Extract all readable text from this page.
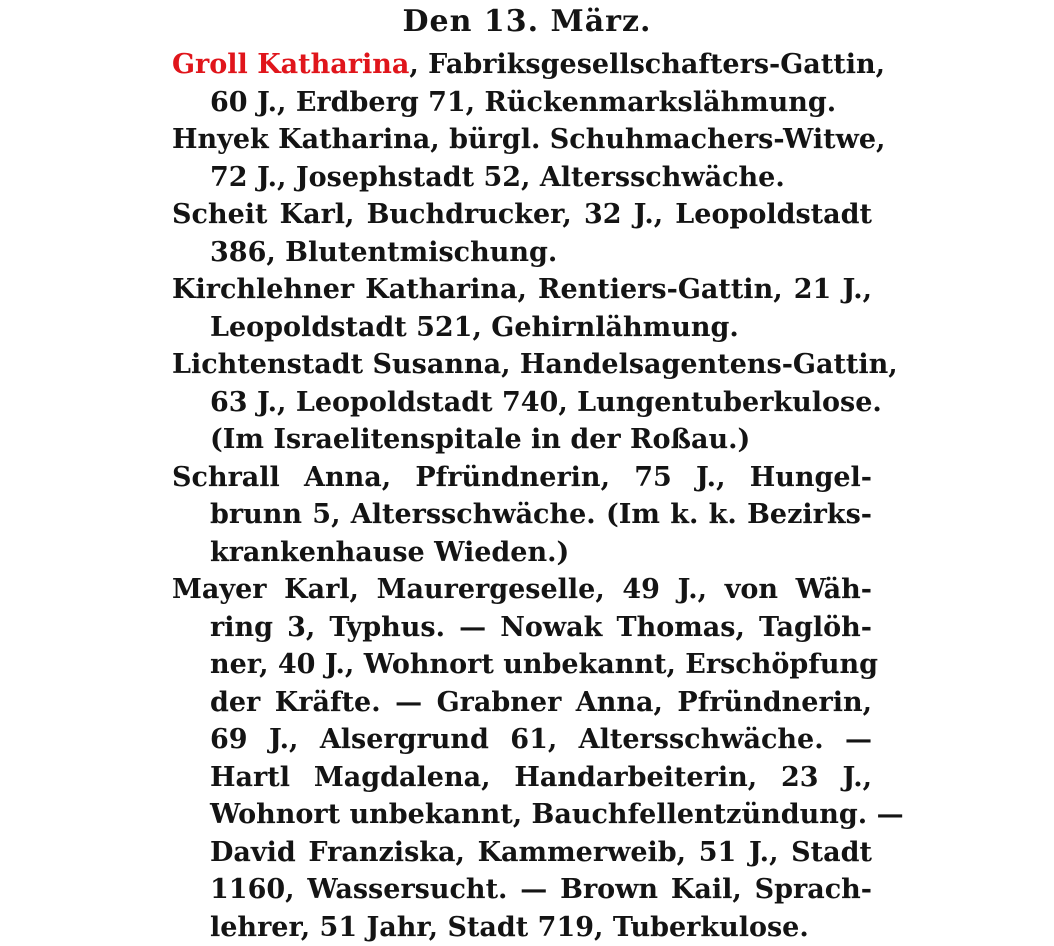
Den 13. März.
Groll Katharina, Fabriksgesellschafters-Gattin,
60 J., Erdberg 71, Rückenmarkslähmung.
Hnyek Katharina, bürgl. Schuhmachers-Witwe,
72 J., Josephstadt 52, Altersschwäche.
Scheit Karl, Buchdrucker, 32 J., Leopoldstadt
386, Blutentmischung.
Kirchlehner Katharina, Rentiers-Gattin, 21 J.,
Leopoldstadt 521, Gehirnlähmung.
Lichtenstadt Susanna, Handelsagentens-Gattin,
63 J., Leopoldstadt 740, Lungentuberkulose.
(Im Israelitenspitale in der Roßau.)
Schrall Anna, Pfründnerin, 75 J., Hungel-
brunn 5, Altersschwäche. (Im k. k. Bezirks-
krankenhause Wieden.)
Mayer Karl, Maurergeselle, 49 J., von Wäh-
ring 3, Typhus. — Nowak Thomas, Taglöh-
ner, 40 J., Wohnort unbekannt, Erschöpfung
der Kräfte. — Grabner Anna, Pfründnerin,
69 J., Alsergrund 61, Altersschwäche. —
Hartl Magdalena, Handarbeiterin, 23 J.,
Wohnort unbekannt, Bauchfellentzündung. —
David Franziska, Kammerweib, 51 J., Stadt
1160, Wassersucht. — Brown Kail, Sprach-
lehrer, 51 Jahr, Stadt 719, Tuberkulose.
